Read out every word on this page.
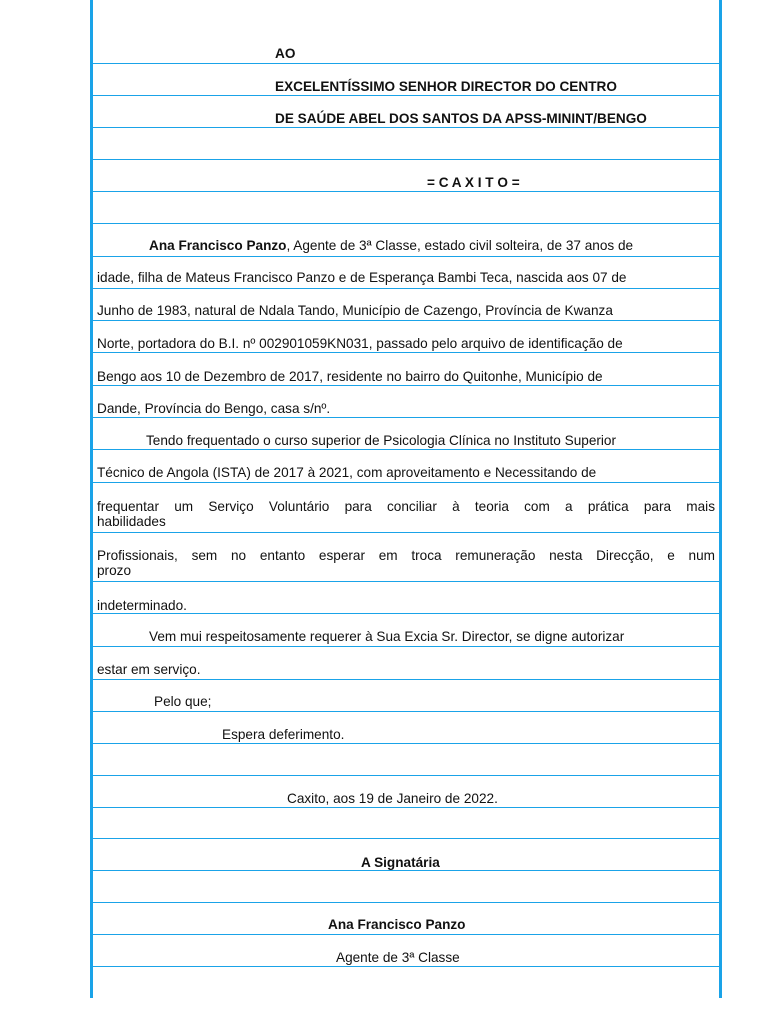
AO
EXCELENTÍSSIMO SENHOR DIRECTOR DO CENTRO
DE SAÚDE ABEL DOS SANTOS DA APSS-MININT/BENGO
= C A X I T O =
Ana Francisco Panzo, Agente de 3ª Classe, estado civil solteira, de 37 anos de
idade, filha de Mateus Francisco Panzo e de Esperança Bambi Teca, nascida aos 07 de
Junho de 1983, natural de Ndala Tando, Município de Cazengo, Província de Kwanza
Norte, portadora do B.I. nº 002901059KN031, passado pelo arquivo de identificação de
Bengo aos 10 de Dezembro de 2017, residente no bairro do Quitonhe, Município de
Dande, Província do Bengo, casa s/nº.
Tendo frequentado o curso superior de Psicologia Clínica no Instituto Superior
Técnico de Angola (ISTA) de 2017 à 2021, com aproveitamento e Necessitando de
frequentar um Serviço Voluntário para conciliar à teoria com a prática para mais
habilidades
Profissionais, sem no entanto esperar em troca remuneração nesta Direcção, e num
prozo
indeterminado.
Vem mui respeitosamente requerer à Sua Excia Sr. Director, se digne autorizar
estar em serviço.
Pelo que;
Espera deferimento.
Caxito, aos 19 de Janeiro de 2022.
A Signatária
Ana Francisco Panzo
Agente de 3ª Classe
